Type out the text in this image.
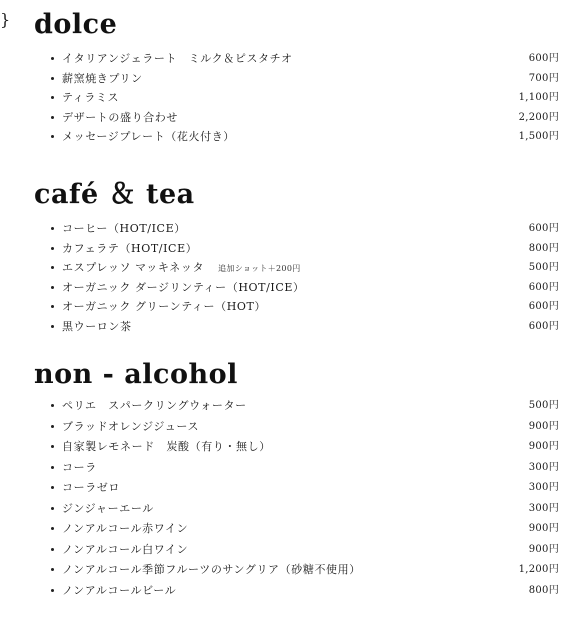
dolce
イタリアンジェラート　ミルク＆ピスタチオ	600円
薪窯焼きプリン	700円
ティラミス	1,100円
デザートの盛り合わせ	2,200円
メッセージプレート（花火付き）	1,500円
}
café ＆ tea
コーヒー（HOT/ICE）	600円
カフェラテ（HOT/ICE）	800円
エスプレッソ マッキネッタ 追加ショット＋200円	500円
オーガニック ダージリンティー（HOT/ICE）	600円
オーガニック グリーンティー（HOT）	600円
黒ウーロン茶	600円
non - alcohol
ペリエ　スパークリングウォーター	500円
ブラッドオレンジジュース	900円
自家製レモネード　炭酸（有り・無し）	900円
コーラ	300円
コーラゼロ	300円
ジンジャーエール	300円
ノンアルコール赤ワイン	900円
ノンアルコール白ワイン	900円
ノンアルコール季節フルーツのサングリア（砂糖不使用）	1,200円
ノンアルコールビール	800円
